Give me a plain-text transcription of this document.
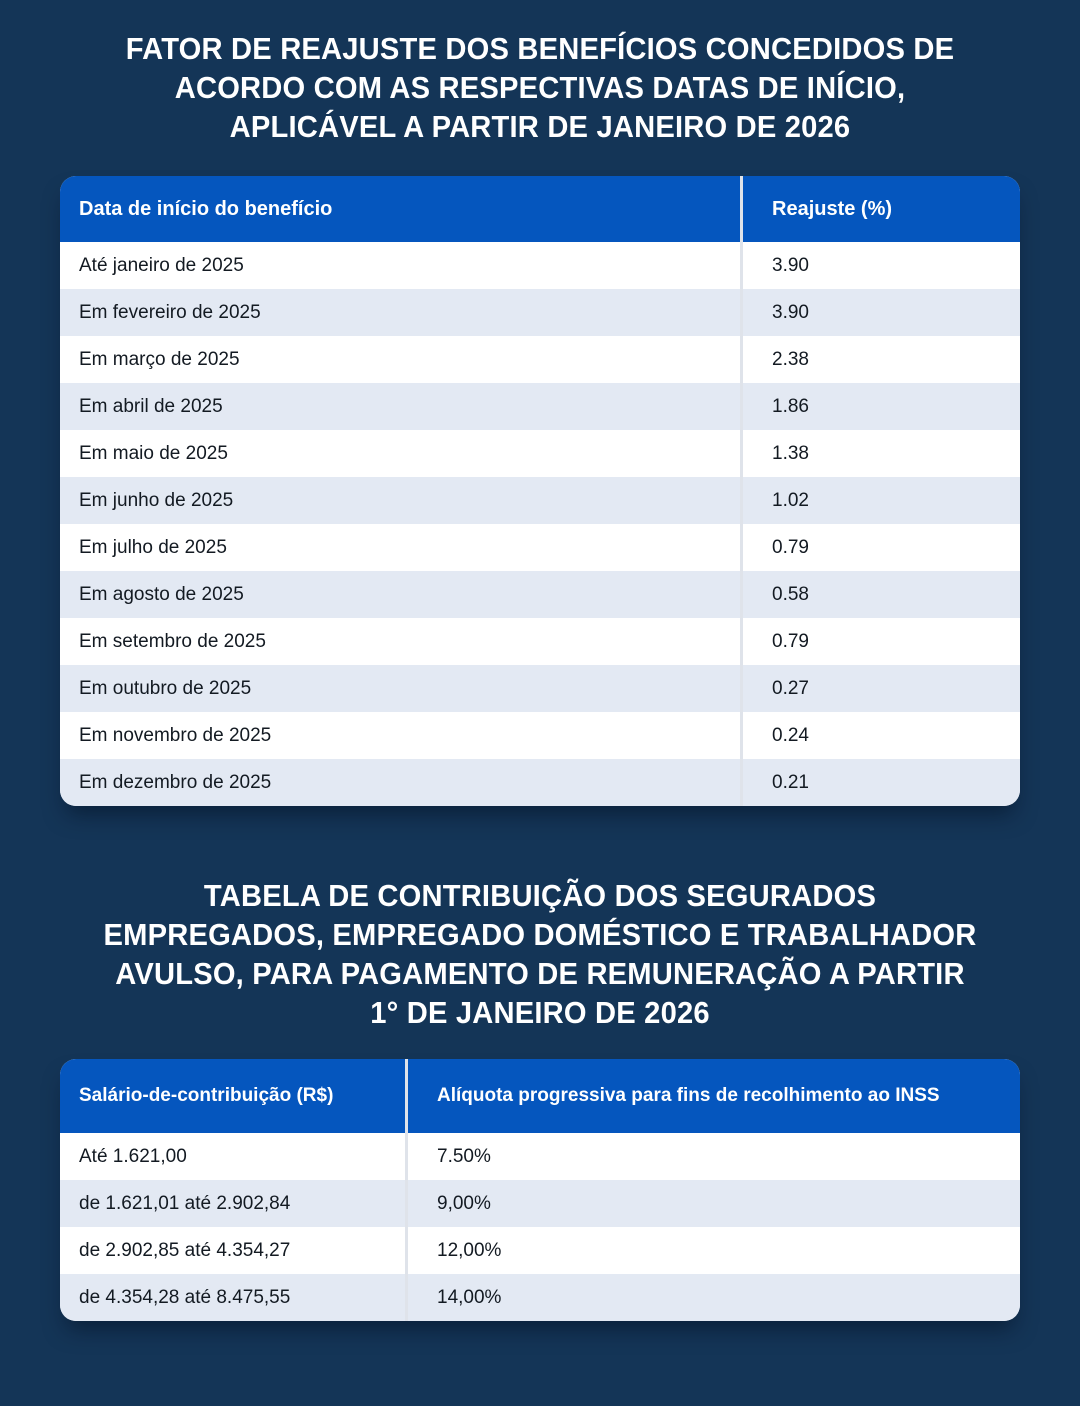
FATOR DE REAJUSTE DOS BENEFÍCIOS CONCEDIDOS DE
ACORDO COM AS RESPECTIVAS DATAS DE INÍCIO,
APLICÁVEL A PARTIR DE JANEIRO DE 2026
Data de início do benefício	Reajuste (%)
Até janeiro de 2025	3.90
Em fevereiro de 2025	3.90
Em março de 2025	2.38
Em abril de 2025	1.86
Em maio de 2025	1.38
Em junho de 2025	1.02
Em julho de 2025	0.79
Em agosto de 2025	0.58
Em setembro de 2025	0.79
Em outubro de 2025	0.27
Em novembro de 2025	0.24
Em dezembro de 2025	0.21
TABELA DE CONTRIBUIÇÃO DOS SEGURADOS
EMPREGADOS, EMPREGADO DOMÉSTICO E TRABALHADOR
AVULSO, PARA PAGAMENTO DE REMUNERAÇÃO A PARTIR
1° DE JANEIRO DE 2026
Salário-de-contribuição (R$)	Alíquota progressiva para fins de recolhimento ao INSS
Até 1.621,00	7.50%
de 1.621,01 até 2.902,84	9,00%
de 2.902,85 até 4.354,27	12,00%
de 4.354,28 até 8.475,55	14,00%
